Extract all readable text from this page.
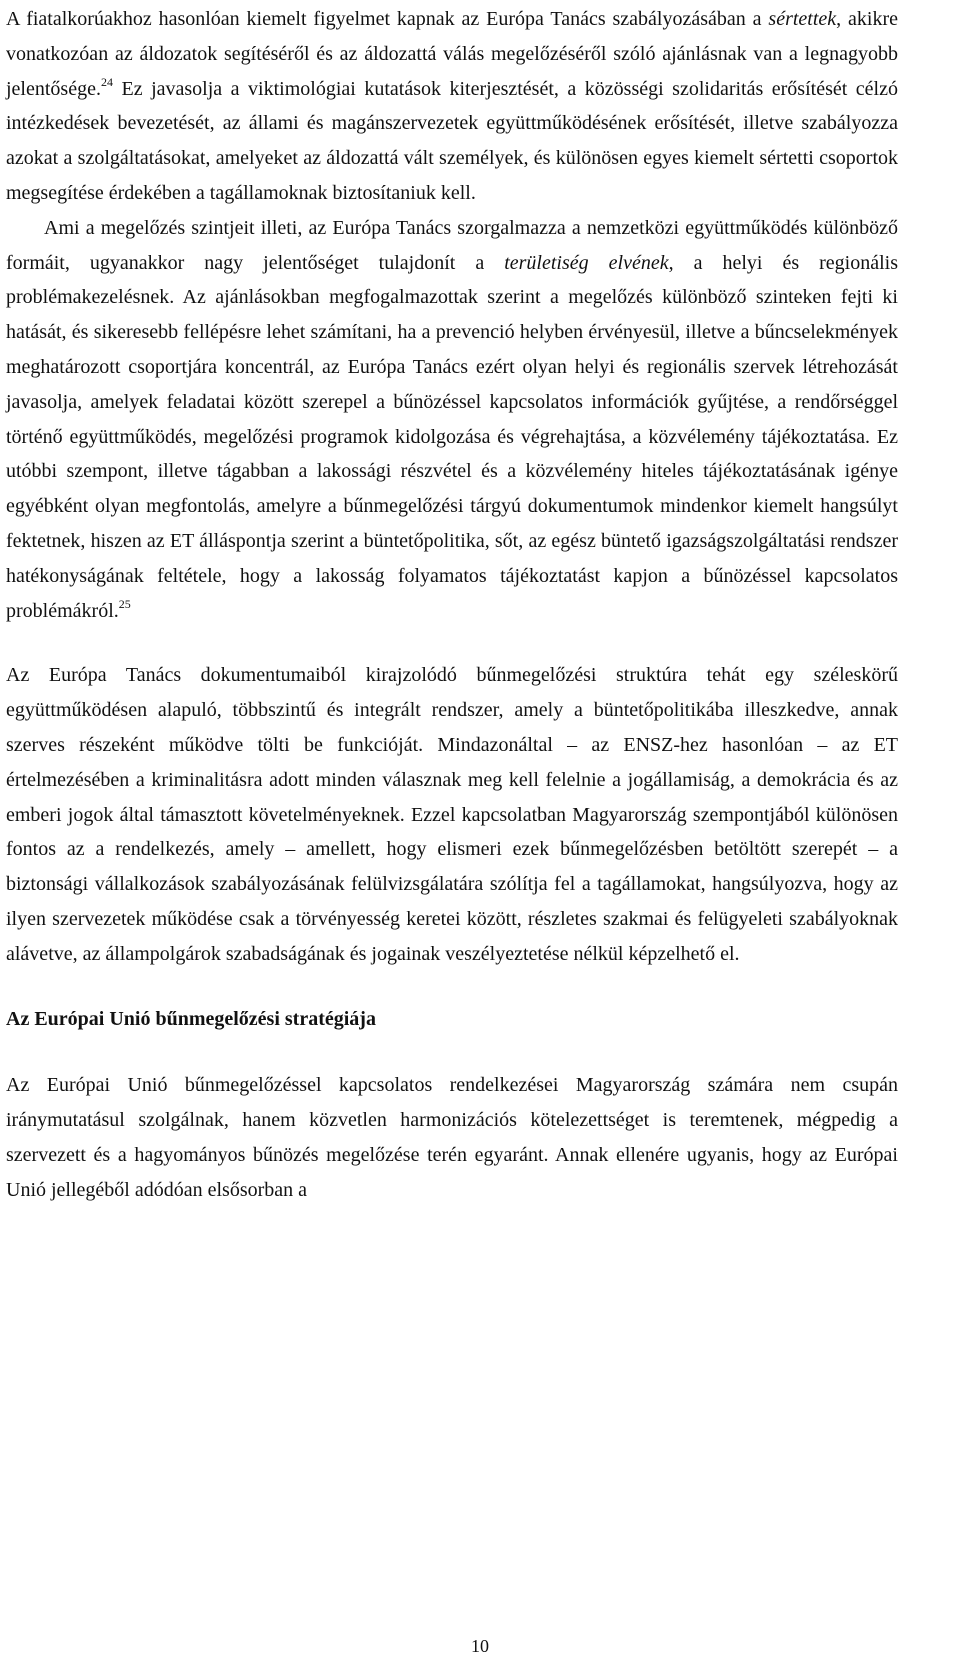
A fiatalkorúakhoz hasonlóan kiemelt figyelmet kapnak az Európa Tanács szabályozásában a sértettek, akikre vonatkozóan az áldozatok segítéséről és az áldozattá válás megelőzéséről szóló ajánlásnak van a legnagyobb jelentősége.$^{24}$ Ez javasolja a viktimológiai kutatások kiterjesztését, a közösségi szolidaritás erősítését célzó intézkedések bevezetését, az állami és magánszervezetek együttműködésének erősítését, illetve szabályozza azokat a szolgáltatásokat, amelyeket az áldozattá vált személyek, és különösen egyes kiemelt sértetti csoportok megsegítése érdekében a tagállamoknak biztosítaniuk kell.

Ami a megelőzés szintjeit illeti, az Európa Tanács szorgalmazza a nemzetközi együttműködés különböző formáit, ugyanakkor nagy jelentőséget tulajdonít a területiség elvének, a helyi és regionális problémakezelésnek. Az ajánlásokban megfogalmazottak szerint a megelőzés különböző szinteken fejti ki hatását, és sikeresebb fellépésre lehet számítani, ha a prevenció helyben érvényesül, illetve a bűncselekmények meghatározott csoportjára koncentrál, az Európa Tanács ezért olyan helyi és regionális szervek létrehozását javasolja, amelyek feladatai között szerepel a bűnözéssel kapcsolatos információk gyűjtése, a rendőrséggel történő együttműködés, megelőzési programok kidolgozása és végrehajtása, a közvélemény tájékoztatása. Ez utóbbi szempont, illetve tágabban a lakossági részvétel és a közvélemény hiteles tájékoztatásának igénye egyébként olyan megfontolás, amelyre a bűnmegelőzési tárgyú dokumentumok mindenkor kiemelt hangsúlyt fektetnek, hiszen az ET álláspontja szerint a büntetőpolitika, sőt, az egész büntető igazságszolgáltatási rendszer hatékonyságának feltétele, hogy a lakosság folyamatos tájékoztatást kapjon a bűnözéssel kapcsolatos problémákról.$^{25}$

Az Európa Tanács dokumentumaiból kirajzolódó bűnmegelőzési struktúra tehát egy széleskörű együttműködésen alapuló, többszintű és integrált rendszer, amely a büntetőpolitikába illeszkedve, annak szerves részeként működve tölti be funkcióját. Mindazonáltal – az ENSZ-hez hasonlóan – az ET értelmezésében a kriminalitásra adott minden válasznak meg kell felelnie a jogállamiság, a demokrácia és az emberi jogok által támasztott követelményeknek. Ezzel kapcsolatban Magyarország szempontjából különösen fontos az a rendelkezés, amely – amellett, hogy elismeri ezek bűnmegelőzésben betöltött szerepét – a biztonsági vállalkozások szabályozásának felülvizsgálatára szólítja fel a tagállamokat, hangsúlyozva, hogy az ilyen szervezetek működése csak a törvényesség keretei között, részletes szakmai és felügyeleti szabályoknak alávetve, az állampolgárok szabadságának és jogainak veszélyeztetése nélkül képzelhető el.

Az Európai Unió bűnmegelőzési stratégiája

Az Európai Unió bűnmegelőzéssel kapcsolatos rendelkezései Magyarország számára nem csupán iránymutatásul szolgálnak, hanem közvetlen harmonizációs kötelezettséget is teremtenek, mégpedig a szervezett és a hagyományos bűnözés megelőzése terén egyaránt. Annak ellenére ugyanis, hogy az Európai Unió jellegéből adódóan elsősorban a

10
